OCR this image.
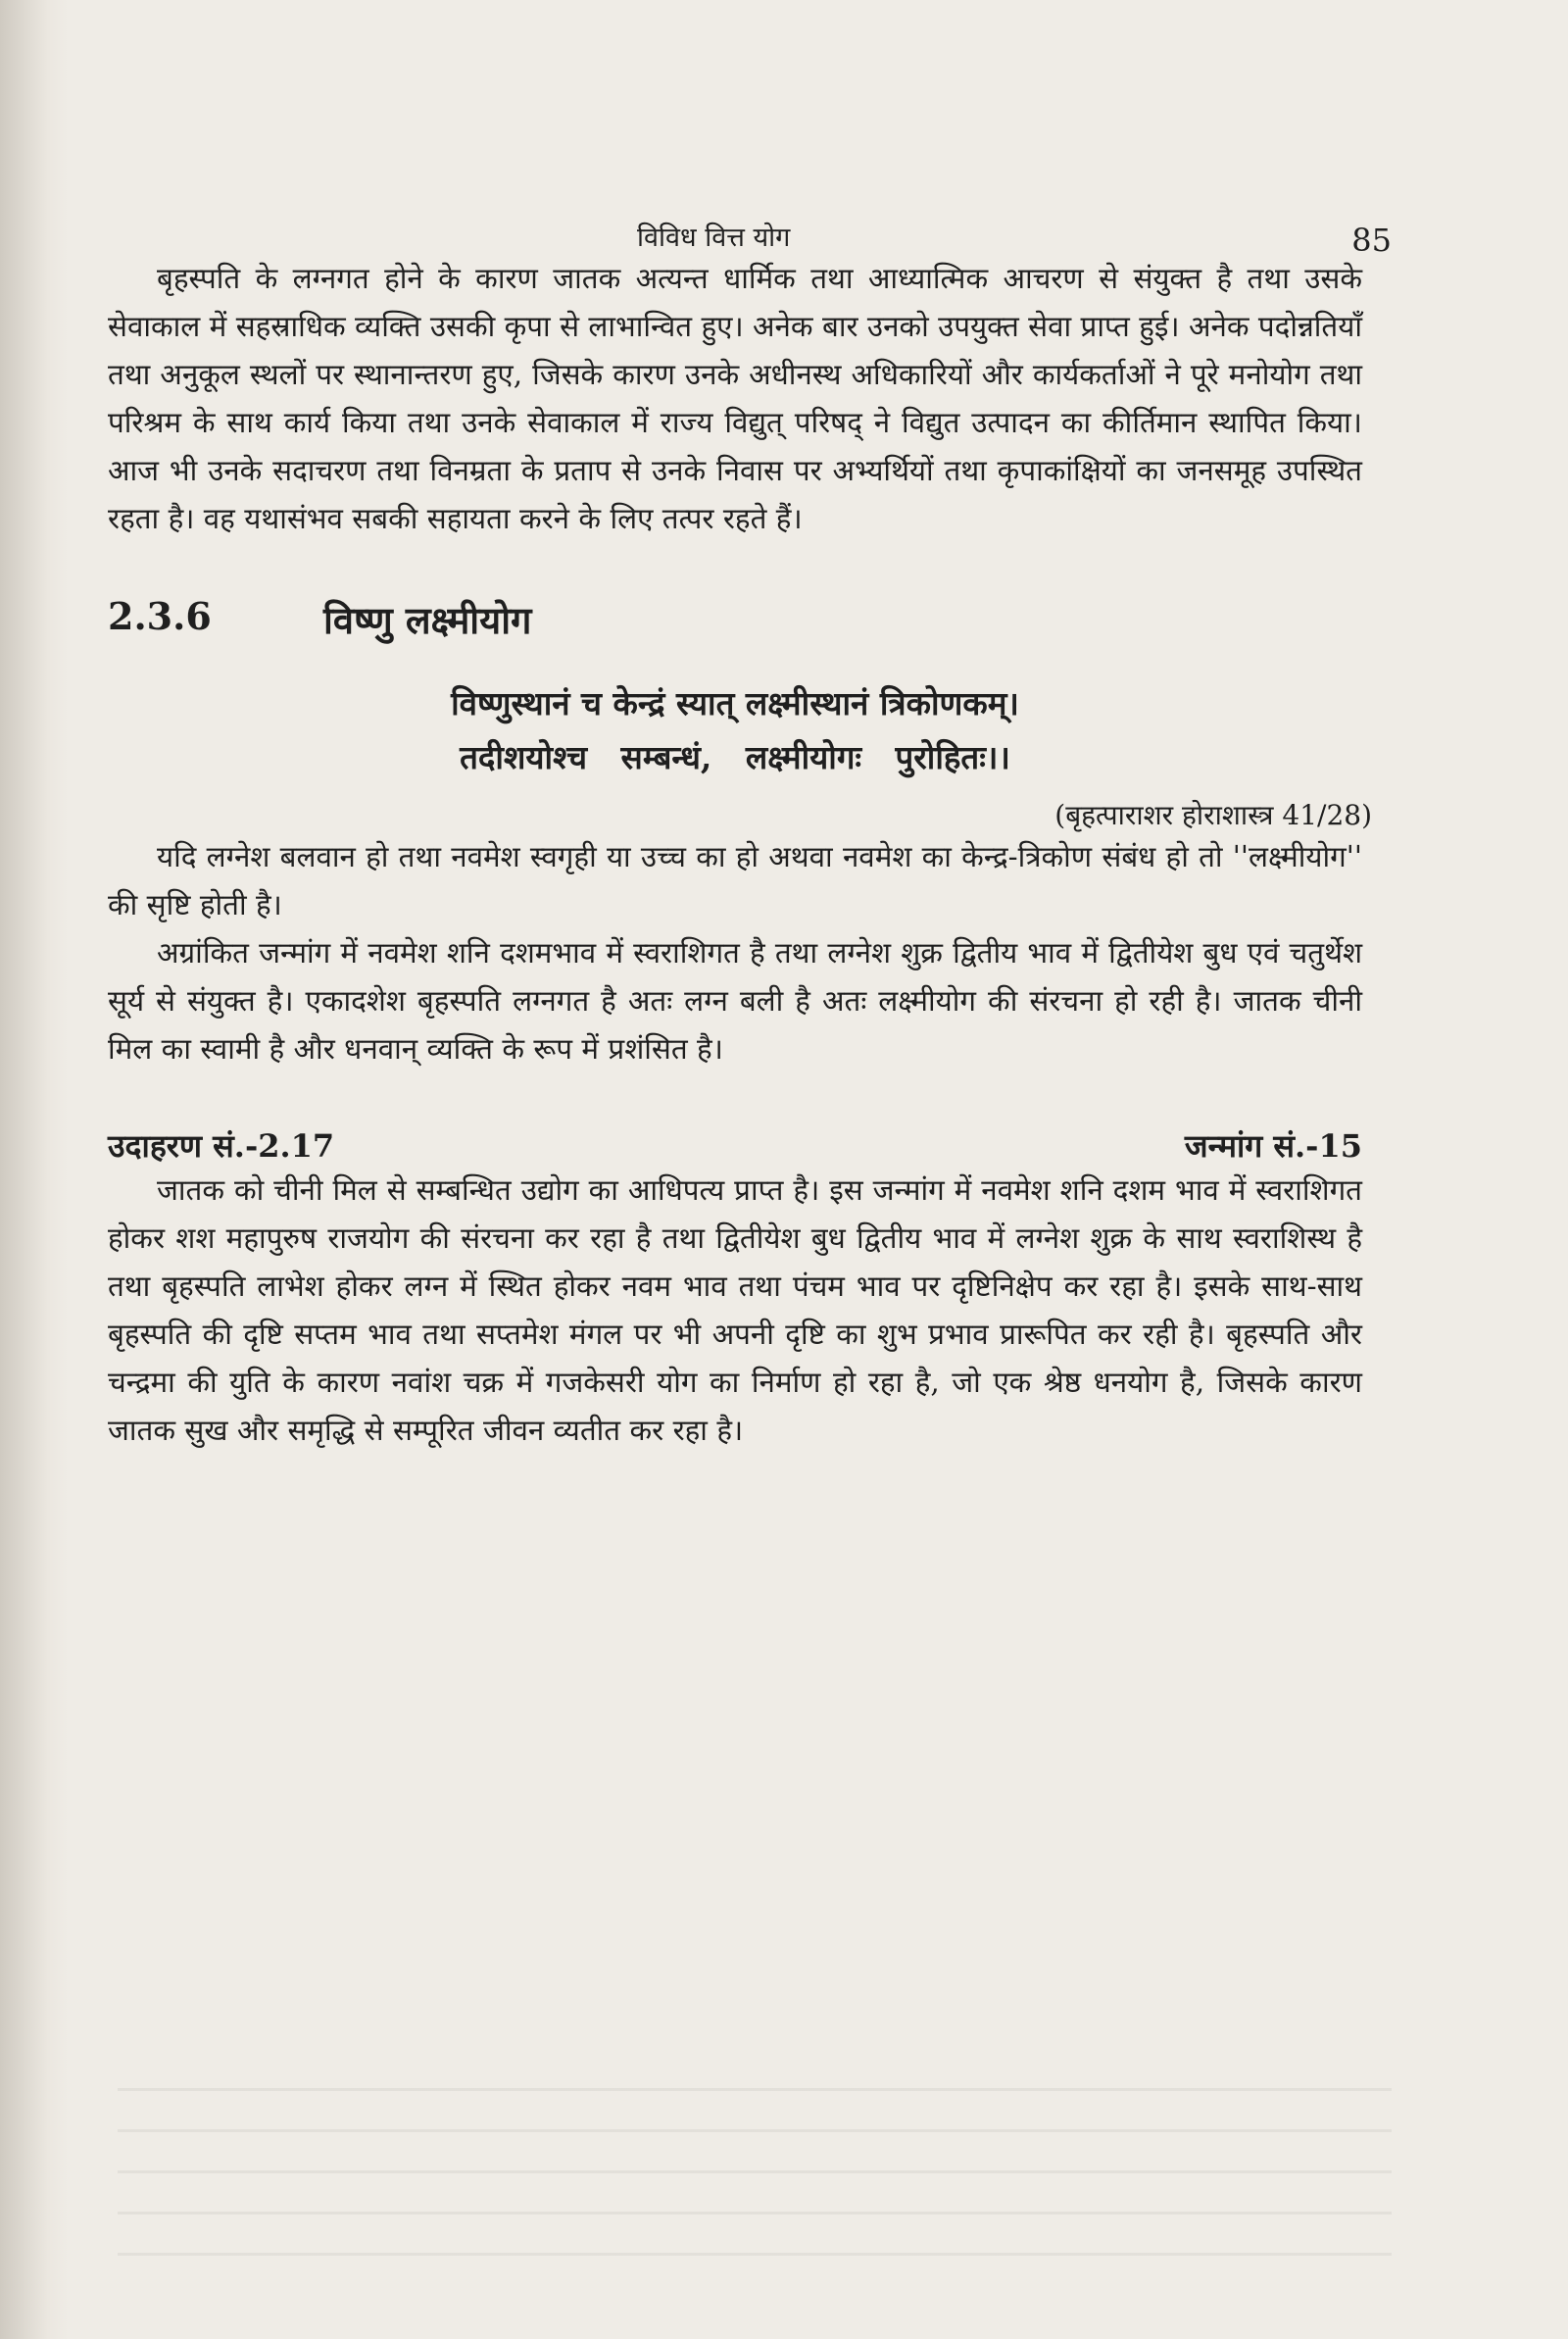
विविध वित्त योग	85

बृहस्पति के लग्नगत होने के कारण जातक अत्यन्त धार्मिक तथा आध्यात्मिक आचरण से संयुक्त है तथा उसके सेवाकाल में सहस्राधिक व्यक्ति उसकी कृपा से लाभान्वित हुए। अनेक बार उनको उपयुक्त सेवा प्राप्त हुई। अनेक पदोन्नतियाँ तथा अनुकूल स्थलों पर स्थानान्तरण हुए, जिसके कारण उनके अधीनस्थ अधिकारियों और कार्यकर्ताओं ने पूरे मनोयोग तथा परिश्रम के साथ कार्य किया तथा उनके सेवाकाल में राज्य विद्युत् परिषद् ने विद्युत उत्पादन का कीर्तिमान स्थापित किया। आज भी उनके सदाचरण तथा विनम्रता के प्रताप से उनके निवास पर अभ्यर्थियों तथा कृपाकांक्षियों का जनसमूह उपस्थित रहता है। वह यथासंभव सबकी सहायता करने के लिए तत्पर रहते हैं।

2.3.6	विष्णु लक्ष्मीयोग
विष्णुस्थानं च केन्द्रं स्यात् लक्ष्मीस्थानं त्रिकोणकम्।
तदीशयोश्च   सम्बन्धं,   लक्ष्मीयोगः   पुरोहितः।।
(बृहत्पाराशर होराशास्त्र 41/28)

यदि लग्नेश बलवान हो तथा नवमेश स्वगृही या उच्च का हो अथवा नवमेश का केन्द्र-त्रिकोण संबंध हो तो ''लक्ष्मीयोग'' की सृष्टि होती है।

अग्रांकित जन्मांग में नवमेश शनि दशमभाव में स्वराशिगत है तथा लग्नेश शुक्र द्वितीय भाव में द्वितीयेश बुध एवं चतुर्थेश सूर्य से संयुक्त है। एकादशेश बृहस्पति लग्नगत है अतः लग्न बली है अतः लक्ष्मीयोग की संरचना हो रही है। जातक चीनी मिल का स्वामी है और धनवान् व्यक्ति के रूप में प्रशंसित है।

उदाहरण सं.-2.17	जन्मांग सं.-15

जातक को चीनी मिल से सम्बन्धित उद्योग का आधिपत्य प्राप्त है। इस जन्मांग में नवमेश शनि दशम भाव में स्वराशिगत होकर शश महापुरुष राजयोग की संरचना कर रहा है तथा द्वितीयेश बुध द्वितीय भाव में लग्नेश शुक्र के साथ स्वराशिस्थ है तथा बृहस्पति लाभेश होकर लग्न में स्थित होकर नवम भाव तथा पंचम भाव पर दृष्टिनिक्षेप कर रहा है। इसके साथ-साथ बृहस्पति की दृष्टि सप्तम भाव तथा सप्तमेश मंगल पर भी अपनी दृष्टि का शुभ प्रभाव प्रारूपित कर रही है। बृहस्पति और चन्द्रमा की युति के कारण नवांश चक्र में गजकेसरी योग का निर्माण हो रहा है, जो एक श्रेष्ठ धनयोग है, जिसके कारण जातक सुख और समृद्धि से सम्पूरित जीवन व्यतीत कर रहा है।
